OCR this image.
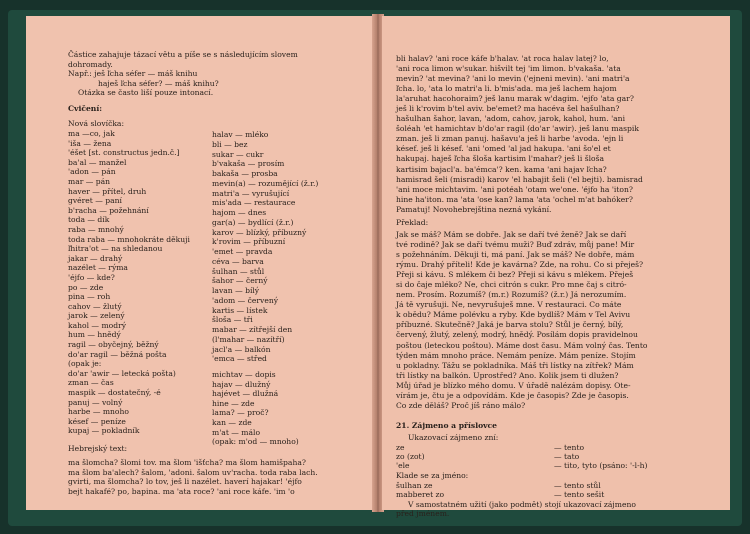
Částice zahajuje tázací větu a píše se s následujícím slovem
dohromady.
Např.: ješ ľcha séfer — máš knihu
haješ ľcha séfer? — máš knihu?
Otázka se často liší pouze intonací.
Cvičení:
Nová slovíčka:
ma —co, jak
'iša — žena
'éšet [st. constructus jedn.č.]
ba'al — manžel
'adon — pán
mar — pán
haver — přítel, druh
gvéret — paní
b'racha — požehnání
toda — dík
raba — mnohý
toda raba — mnohokráte děkuji
ľhitra'ot — na shledanou
jakar — drahý
nazélet — rýma
'éjfo — kde?
po — zde
pina — roh
cahov — žlutý
jarok — zelený
kahol — modrý
hum — hnědý
ragil — obyčejný, běžný
do'ar ragil — běžná pošta
(opak je:
do'ar 'awir — letecká pošta)
zman — čas
maspik — dostatečný, -é
panuj — volný
harbe — mnoho
késef — peníze
kupaj — pokladník
halav — mléko
bli — bez
sukar — cukr
b'vakaša — prosím
bakaša — prosba
mevin(a) — rozumějící (ž.r.)
matri'a — vyrušující
mis'ada — restaurace
hajom — dnes
gar(a) — bydlící (ž.r.)
karov — blízký, příbuzný
k'rovim — příbuzní
'emet — pravda
céva — barva
šulhan — stůl
šahor — černý
lavan — bílý
'adom — červený
kartis — lístek
šloša — tři
mabar — zítřejší den
(l'mahar — nazítří)
jacl'a — balkón
'emca — střed
michtav — dopis
hajav — dlužný
hajévet — dlužná
hine — zde
lama? — proč?
kan — zde
m'at — málo
(opak: m'od — mnoho)
Hebrejský text:
ma šlomcha? šlomi tov. ma šlom 'išťcha? ma šlom hamišpaha?
ma šlom ba'alech? šalom, 'adoni. šalom uv'racha. toda raba lach.
gvirti, ma šlomcha? lo tov, ješ li nazélet. haverí hajakar! 'éjfo
bejt hakafé? po, bapina. ma 'ata roce? 'ani roce káfe. 'im 'o
bli halav? 'ani roce káfe b'halav. 'at roca halav latej? lo,
'ani roca limon w'sukar. hišvilt tej 'im limon. b'vakaša. 'ata
mevin? 'at mevina? 'ani lo mevin ('ejneni mevin). 'ani matri'a
ľcha. lo, 'ata lo matri'a li. b'mis'ada. ma ješ lachem hajom
la'aruhat hacohoraim? ješ lanu marak w'dagim. 'ejfo 'ata gar?
ješ li k'rovim b'tel aviv. be'emet? ma hacéva šel hašulhan?
hašulhan šahor, lavan, 'adom, cahov, jarok, kahol, hum. 'ani
šoléah 'et hamichtav b'do'ar ragil (do'ar 'awir). ješ lanu maspik
zman. ješ li zman panuj. hašavu'a ješ li harbe 'avoda. 'ejn li
késef. ješ li késef. 'ani 'omed 'al jad hakupa. 'ani šo'el et
hakupaj. haješ ľcha šloša kartisim l'mahar? ješ li šloša
kartisim bajacl'a. ba'émca'? ken. kama 'ani hajav ľcha?
hamisrad šeli (misradi) karov 'el habajit šeli ('el bejti). bamisrad
'ani moce michtavim. 'ani potéah 'otam we'one. 'éjfo ha 'iton?
hine ha'iton. ma 'ata 'ose kan? lama 'ata 'ochel m'at bahóker?
Pamatuj! Novohebrejština nezná vykání.
Překlad:
Jak se máš? Mám se dobře. Jak se daří tvé ženě? Jak se daří
tvé rodině? Jak se daří tvému muži? Buď zdráv, můj pane! Mir
s požehnáním. Děkuji ti, má paní. Jak se máš? Ne dobře, mám
rýmu. Drahý příteli! Kde je kavárna? Zde, na rohu. Co si přeješ?
Přeji si kávu. S mlékem či bez? Přeji si kávu s mlékem. Přeješ
si do čaje mléko? Ne, chci citrón s cukr. Pro mne čaj s citró-
nem. Prosím. Rozumíš? (m.r.) Rozumíš? (ž.r.) Já nerozumím.
Já tě vyrušuji. Ne, nevyrušuješ mne. V restauraci. Co máte
k obědu? Máme polévku a ryby. Kde bydlíš? Mám v Tel Avivu
příbuzné. Skutečně? Jaká je barva stolu? Stůl je černý, bílý,
červený, žlutý, zelený, modrý, hnědý. Posílám dopis pravidelnou
poštou (leteckou poštou). Máme dost času. Mám volný čas. Tento
týden mám mnoho práce. Nemám peníze. Mám peníze. Stojím
u pokladny. Tážu se pokladníka. Máš tři lístky na zítřek? Mám
tři lístky na balkón. Uprostřed? Ano. Kolik jsem ti dlužen?
Můj úřad je blízko mého domu. V úřadě nalézám dopisy. Ote-
vírám je, čtu je a odpovídám. Kde je časopis? Zde je časopis.
Co zde děláš? Proč jíš ráno málo?
21. Zájmeno a příslovce
Ukazovací zájmeno zní:
ze	— tento
zo (zot)	— tato
'ele	— tito, tyto (psáno: '-l-h)
Klade se za jméno:
šulhan ze	— tento stůl
mabberet zo	— tento sešit
V samostatném užití (jako podmět) stojí ukazovací zájmeno
před jménem.
